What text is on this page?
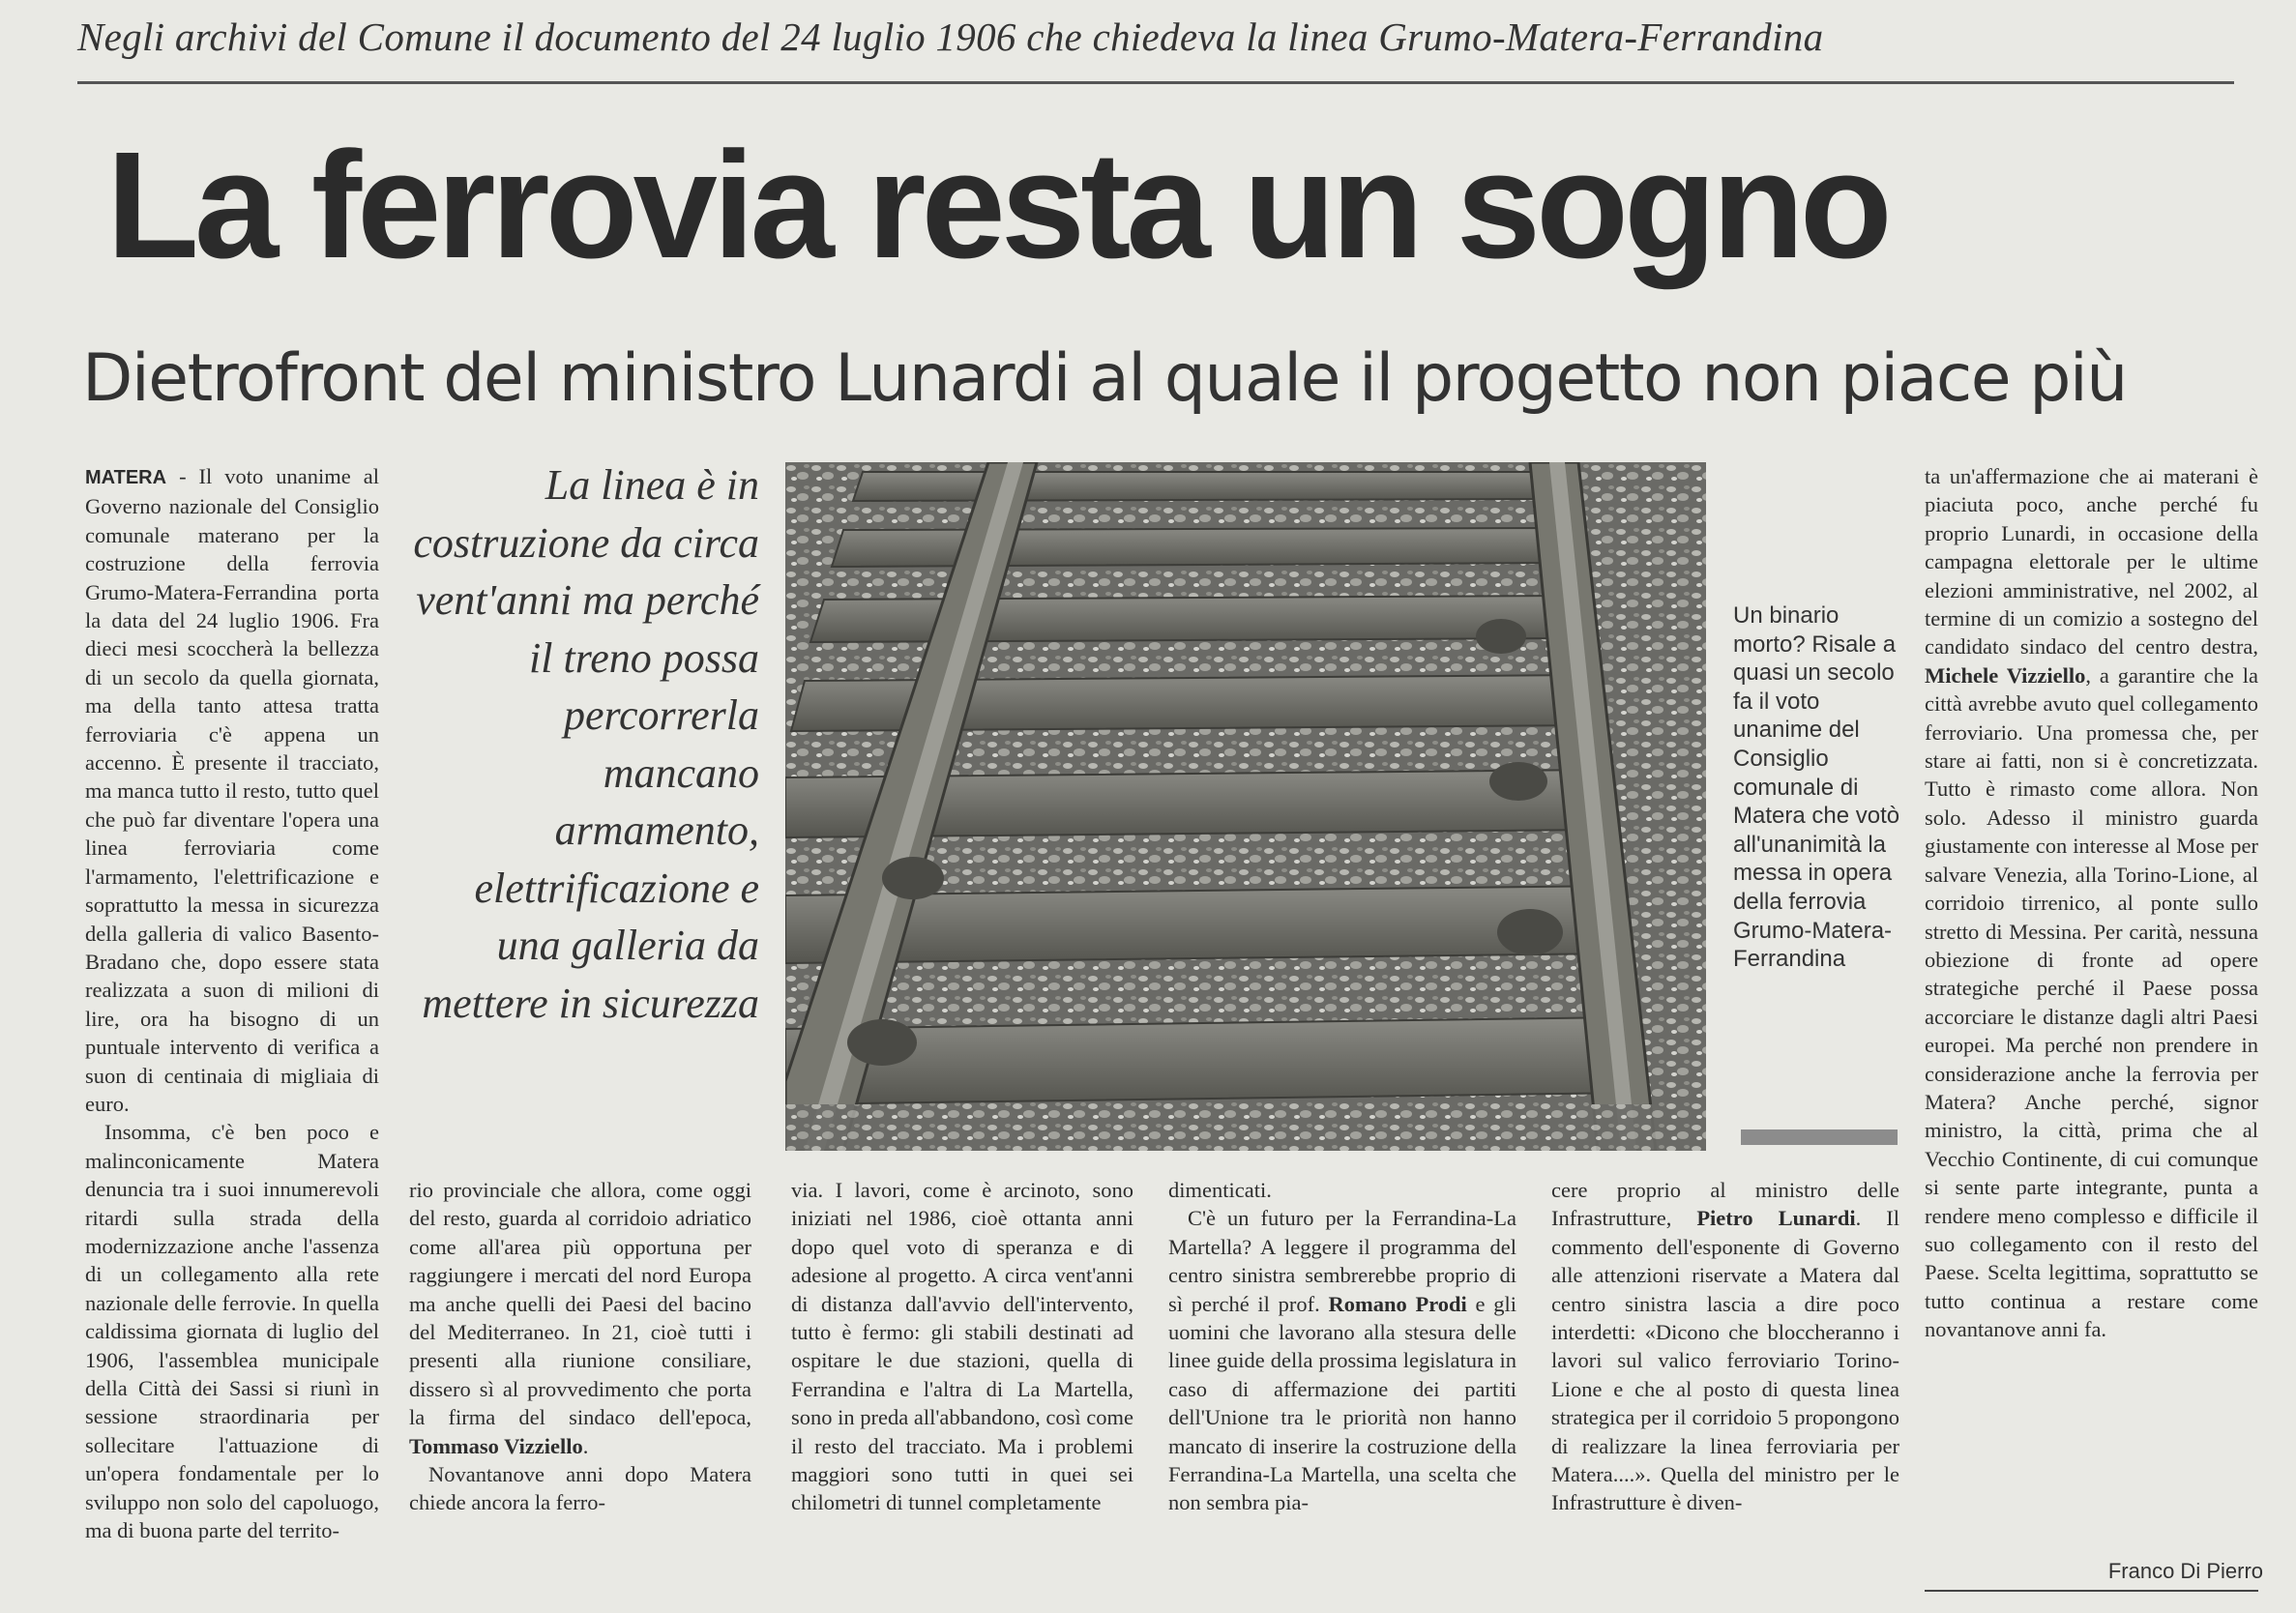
Negli archivi del Comune il documento del 24 luglio 1906 che chiedeva la linea Grumo-Matera-Ferrandina
La ferrovia resta un sogno
Dietrofront del ministro Lunardi al quale il progetto non piace più

MATERA - Il voto unanime al Governo nazionale del Consiglio comunale materano per la costruzione della ferrovia Grumo-Matera-Ferrandina porta la data del 24 luglio 1906. Fra dieci mesi scoccherà la bellezza di un secolo da quella giornata, ma della tanto attesa tratta ferroviaria c'è appena un accenno. È presente il tracciato, ma manca tutto il resto, tutto quel che può far diventare l'opera una linea ferroviaria come l'armamento, l'elettrificazione e soprattutto la messa in sicurezza della galleria di valico Basento-Bradano che, dopo essere stata realizzata a suon di milioni di lire, ora ha bisogno di un puntuale intervento di verifica a suon di centinaia di migliaia di euro.

Insomma, c'è ben poco e malinconicamente Matera denuncia tra i suoi innumerevoli ritardi sulla strada della modernizzazione anche l'assenza di un collegamento alla rete nazionale delle ferrovie. In quella caldissima giornata di luglio del 1906, l'assemblea municipale della Città dei Sassi si riunì in sessione straordinaria per sollecitare l'attuazione di un'opera fondamentale per lo sviluppo non solo del capoluogo, ma di buona parte del territo-

La linea è in costruzione da circa vent'anni ma perché il treno possa percorrerla mancano armamento, elettrificazione e una galleria da mettere in sicurezza
Un binario morto? Risale a quasi un secolo fa il voto unanime del Consiglio comunale di Matera che votò all'unanimità la messa in opera della ferrovia Grumo-Matera-Ferrandina

rio provinciale che allora, come oggi del resto, guarda al corridoio adriatico come all'area più opportuna per raggiungere i mercati del nord Europa ma anche quelli dei Paesi del bacino del Mediterraneo. In 21, cioè tutti i presenti alla riunione consiliare, dissero sì al provvedimento che porta la firma del sindaco dell'epoca, Tommaso Vizziello.

Novantanove anni dopo Matera chiede ancora la ferro-

via. I lavori, come è arcinoto, sono iniziati nel 1986, cioè ottanta anni dopo quel voto di speranza e di adesione al progetto. A circa vent'anni di distanza dall'avvio dell'intervento, tutto è fermo: gli stabili destinati ad ospitare le due stazioni, quella di Ferrandina e l'altra di La Martella, sono in preda all'abbandono, così come il resto del tracciato. Ma i problemi maggiori sono tutti in quei sei chilometri di tunnel completamente

dimenticati.

C'è un futuro per la Ferrandina-La Martella? A leggere il programma del centro sinistra sembrerebbe proprio di sì perché il prof. Romano Prodi e gli uomini che lavorano alla stesura delle linee guide della prossima legislatura in caso di affermazione dei partiti dell'Unione tra le priorità non hanno mancato di inserire la costruzione della Ferrandina-La Martella, una scelta che non sembra pia-

cere proprio al ministro delle Infrastrutture, Pietro Lunardi. Il commento dell'esponente di Governo alle attenzioni riservate a Matera dal centro sinistra lascia a dire poco interdetti: «Dicono che bloccheranno i lavori sul valico ferroviario Torino-Lione e che al posto di questa linea strategica per il corridoio 5 propongono di realizzare la linea ferroviaria per Matera....». Quella del ministro per le Infrastrutture è diven-

ta un'affermazione che ai materani è piaciuta poco, anche perché fu proprio Lunardi, in occasione della campagna elettorale per le ultime elezioni amministrative, nel 2002, al termine di un comizio a sostegno del candidato sindaco del centro destra, Michele Vizziello, a garantire che la città avrebbe avuto quel collegamento ferroviario. Una promessa che, per stare ai fatti, non si è concretizzata. Tutto è rimasto come allora. Non solo. Adesso il ministro guarda giustamente con interesse al Mose per salvare Venezia, alla Torino-Lione, al corridoio tirrenico, al ponte sullo stretto di Messina. Per carità, nessuna obiezione di fronte ad opere strategiche perché il Paese possa accorciare le distanze dagli altri Paesi europei. Ma perché non prendere in considerazione anche la ferrovia per Matera? Anche perché, signor ministro, la città, prima che al Vecchio Continente, di cui comunque si sente parte integrante, punta a rendere meno complesso e difficile il suo collegamento con il resto del Paese. Scelta legittima, soprattutto se tutto continua a restare come novantanove anni fa.

Franco Di Pierro
